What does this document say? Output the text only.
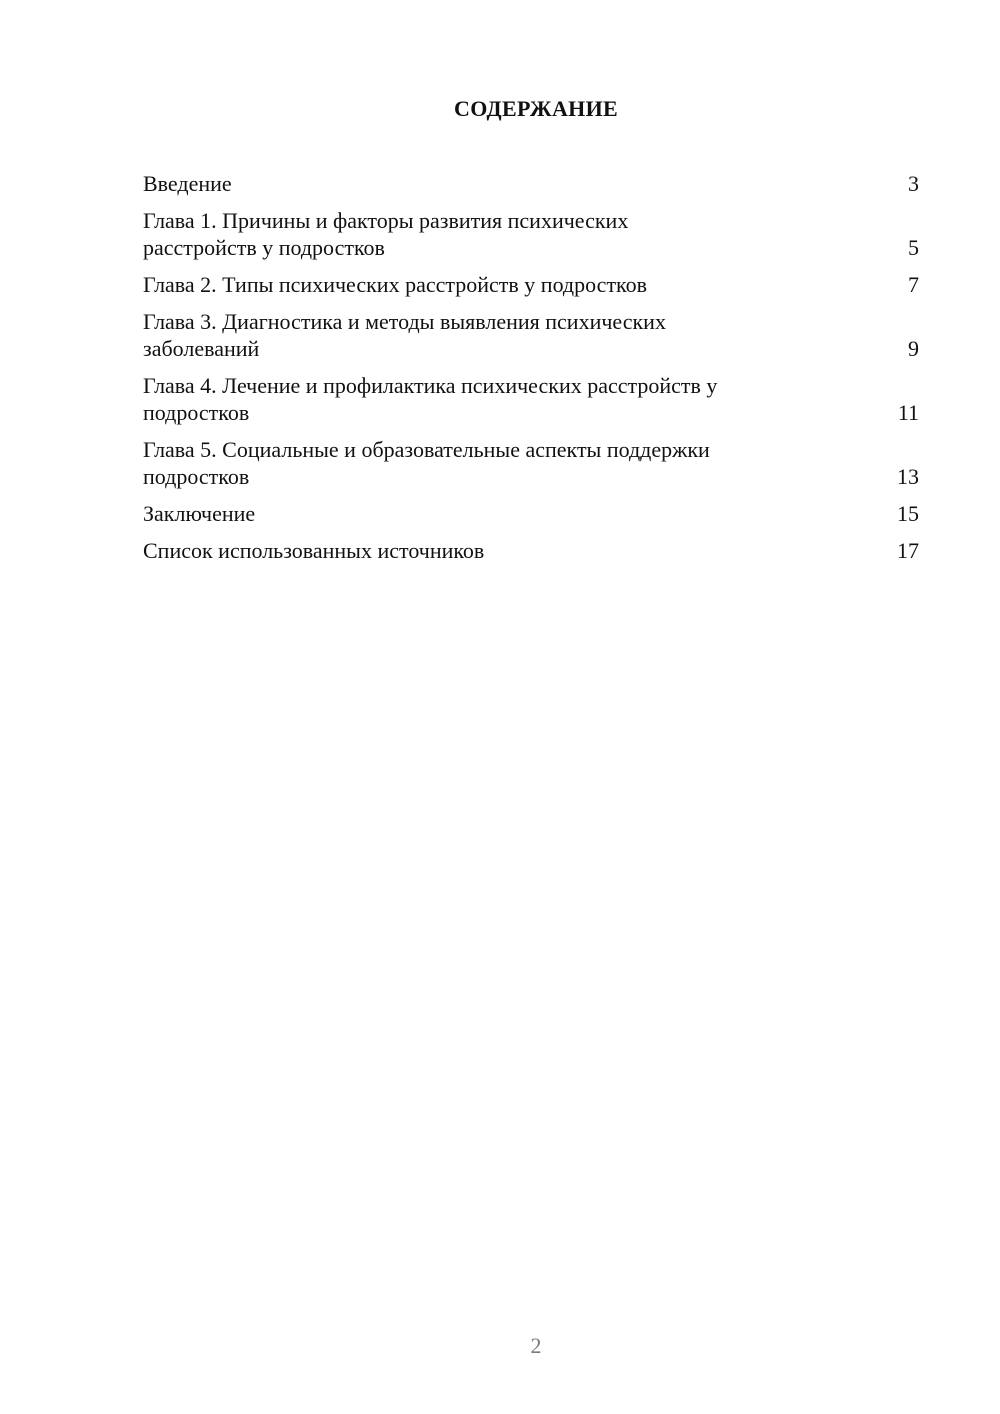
СОДЕРЖАНИЕ
Введение	3
Глава 1. Причины и факторы развития психических расстройств у подростков	5
Глава 2. Типы психических расстройств у подростков	7
Глава 3. Диагностика и методы выявления психических заболеваний	9
Глава 4. Лечение и профилактика психических расстройств у подростков	11
Глава 5. Социальные и образовательные аспекты поддержки подростков	13
Заключение	15
Список использованных источников	17
2
